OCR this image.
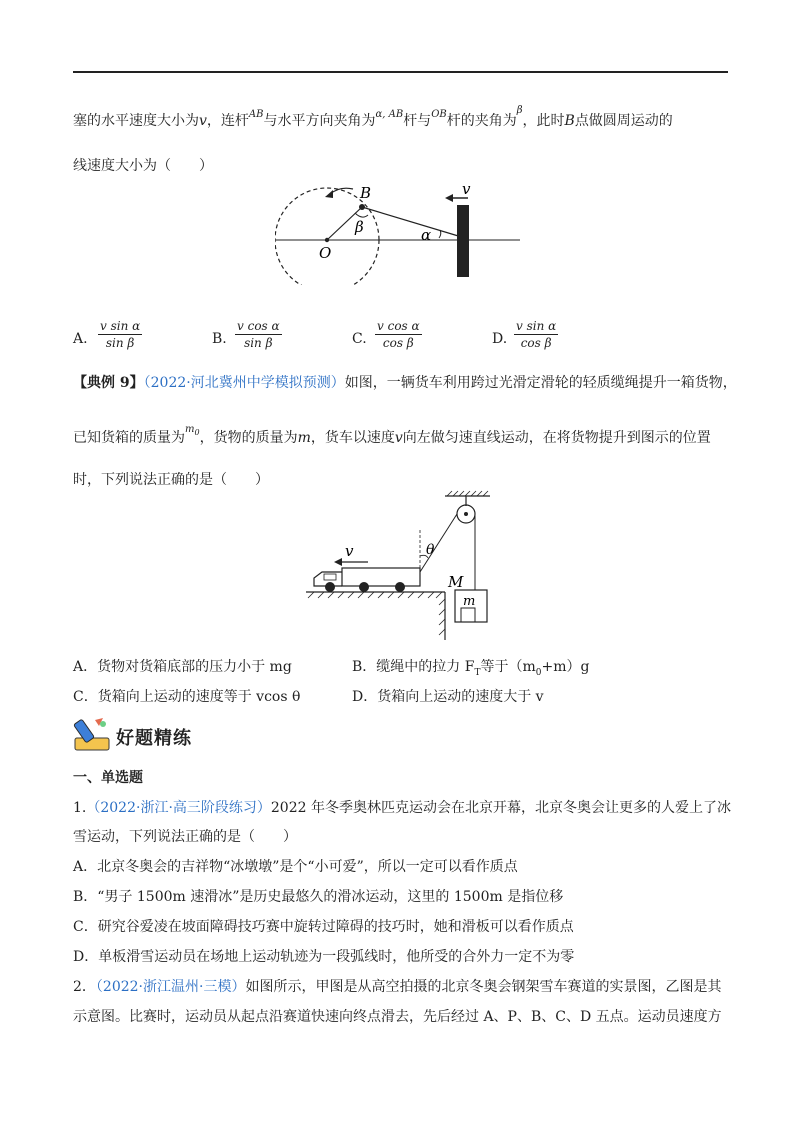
塞的水平速度大小为v，连杆$^{AB}$与水平方向夹角为$^{\alpha, AB}$杆与$^{OB}$杆的夹角为$^\beta$，此时B点做圆周运动的
线速度大小为（　　）
B
O
β	α
v
A. $\frac{\text{v sin α}}{\text{sin β}}$	B. $\frac{\text{v cos α}}{\text{sin β}}$	C. $\frac{\text{v cos α}}{\text{cos β}}$	D. $\frac{\text{v sin α}}{\text{cos β}}$
【典例 9】（2022·河北冀州中学模拟预测）如图，一辆货车利用跨过光滑定滑轮的轻质缆绳提升一箱货物，
已知货箱的质量为$^{m_0}$，货物的质量为m，货车以速度v向左做匀速直线运动，在将货物提升到图示的位置
时，下列说法正确的是（　　）
θ
v
M
m
A．货物对货箱底部的压力小于 mg	B．缆绳中的拉力 $F_T$等于$(m_0+m)g$
C．货箱向上运动的速度等于 vcos θ	D．货箱向上运动的速度大于 v
好题精练
一、单选题
1.（2022·浙江·高三阶段练习）2022 年冬季奥林匹克运动会在北京开幕，北京冬奥会让更多的人爱上了冰
雪运动，下列说法正确的是（　　）
A．北京冬奥会的吉祥物“冰墩墩”是个“小可爱”，所以一定可以看作质点
B．“男子 1500m 速滑冰”是历史最悠久的滑冰运动，这里的 1500m 是指位移
C．研究谷爱凌在坡面障碍技巧赛中旋转过障碍的技巧时，她和滑板可以看作质点
D．单板滑雪运动员在场地上运动轨迹为一段弧线时，他所受的合外力一定不为零
2．（2022·浙江温州·三模）如图所示，甲图是从高空拍摄的北京冬奥会钢架雪车赛道的实景图，乙图是其
示意图。比赛时，运动员从起点沿赛道快速向终点滑去，先后经过 A、P、B、C、D 五点。运动员速度方
